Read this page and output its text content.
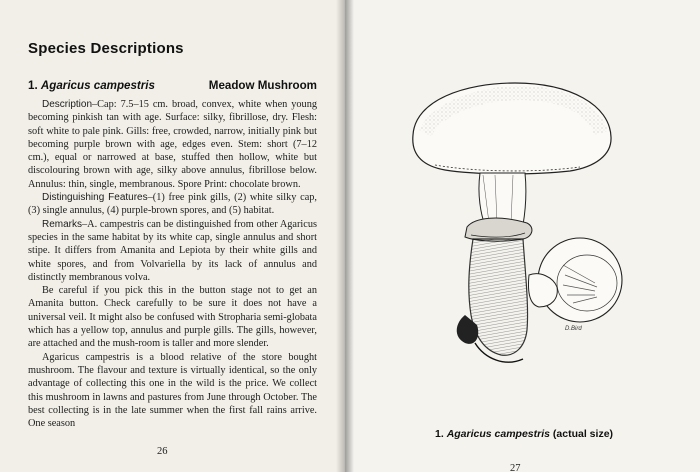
Species Descriptions
1. Agaricus campestris	Meadow Mushroom

Description–Cap: 7.5–15 cm. broad, convex, white when young becoming pinkish tan with age. Surface: silky, fibrillose, dry. Flesh: soft white to pale pink. Gills: free, crowded, narrow, initially pink but becoming purple brown with age, edges even. Stem: short (7–12 cm.), equal or narrowed at base, stuffed then hollow, white but discolouring brown with age, silky above annulus, fibrillose below. Annulus: thin, single, membranous. Spore Print: chocolate brown.

Distinguishing Features–(1) free pink gills, (2) white silky cap, (3) single annulus, (4) purple-brown spores, and (5) habitat.

Remarks–A. campestris can be distinguished from other Agaricus species in the same habitat by its white cap, single annulus and short stipe. It differs from Amanita and Lepiota by their white gills and white spores, and from Volvariella by its lack of annulus and distinctly membranous volva.

Be careful if you pick this in the button stage not to get an Amanita button. Check carefully to be sure it does not have a universal veil. It might also be confused with Stropharia semi-globata which has a yellow top, annulus and purple gills. The gills, however, are attached and the mush-room is taller and more slender.

Agaricus campestris is a blood relative of the store bought mushroom. The flavour and texture is virtually identical, so the only advantage of collecting this one in the wild is the price. We collect this mushroom in lawns and pastures from June through October. The best collecting is in the late summer when the first fall rains arrive. One season

26
D.Bird
1. Agaricus campestris (actual size)
27
